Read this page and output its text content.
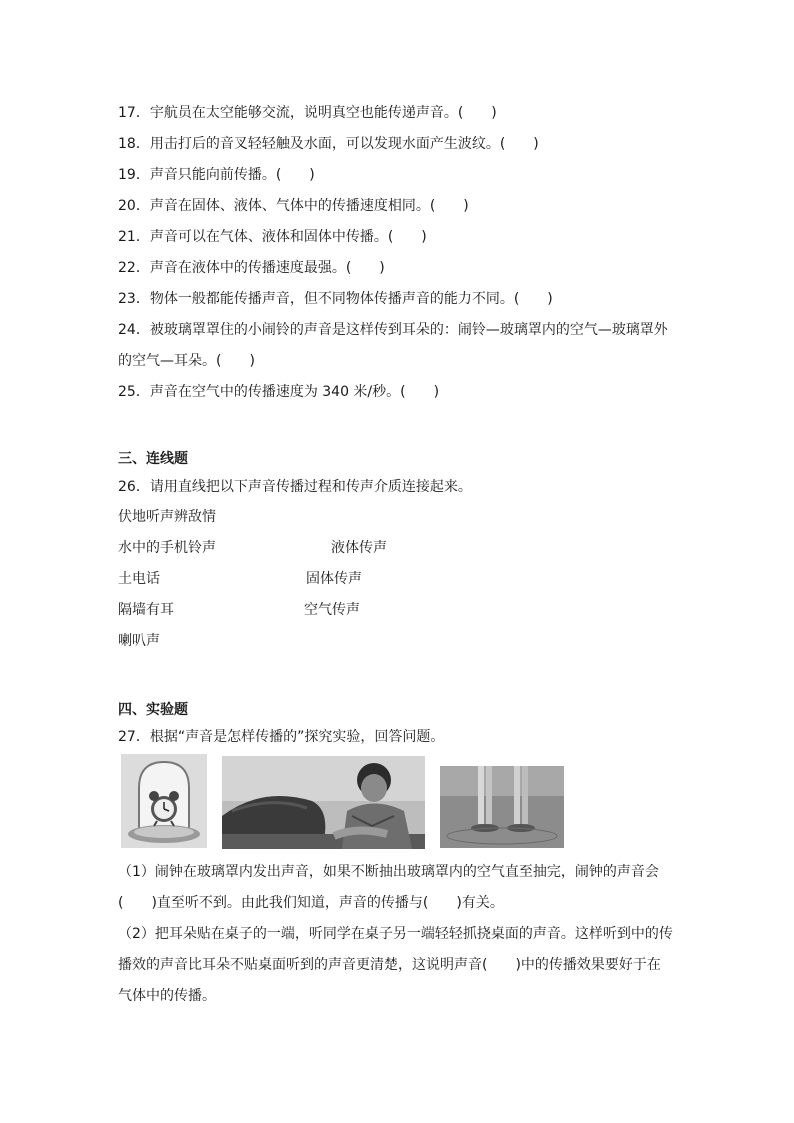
17．宇航员在太空能够交流，说明真空也能传递声音。(　　)
18．用击打后的音叉轻轻触及水面，可以发现水面产生波纹。(　　)
19．声音只能向前传播。(　　)
20．声音在固体、液体、气体中的传播速度相同。(　　)
21．声音可以在气体、液体和固体中传播。(　　)
22．声音在液体中的传播速度最强。(　　)
23．物体一般都能传播声音，但不同物体传播声音的能力不同。(　　)
24．被玻璃罩罩住的小闹铃的声音是这样传到耳朵的：闹铃—玻璃罩内的空气—玻璃罩外
的空气—耳朵。(　　)
25．声音在空气中的传播速度为 340 米/秒。(　　)
三、连线题
26．请用直线把以下声音传播过程和传声介质连接起来。
伏地听声辨敌情
水中的手机铃声	液体传声
土电话	固体传声
隔墙有耳	空气传声
喇叭声
四、实验题
27．根据“声音是怎样传播的”探究实验，回答问题。
（1）闹钟在玻璃罩内发出声音，如果不断抽出玻璃罩内的空气直至抽完，闹钟的声音会
(　　)直至听不到。由此我们知道，声音的传播与(　　)有关。
（2）把耳朵贴在桌子的一端，听同学在桌子另一端轻轻抓挠桌面的声音。这样听到中的传
播效的声音比耳朵不贴桌面听到的声音更清楚，这说明声音(　　)中的传播效果要好于在
气体中的传播。
